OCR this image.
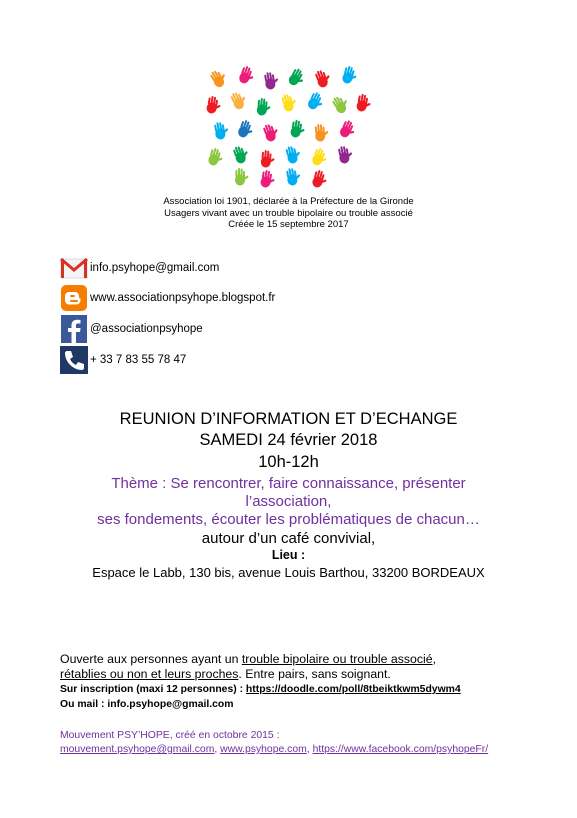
Association loi 1901, déclarée à la Préfecture de la Gironde
Usagers vivant avec un trouble bipolaire ou trouble associé
Créée le 15 septembre 2017
info.psyhope@gmail.com
www.associationpsyhope.blogspot.fr
@associationpsyhope
+ 33 7 83 55 78 47
REUNION D’INFORMATION ET D’ECHANGE
SAMEDI 24 février 2018
10h-12h
Thème : Se rencontrer, faire connaissance, présenter
l’association,
ses fondements, écouter les problématiques de chacun…
autour d’un café convivial,
Lieu :
Espace le Labb, 130 bis, avenue Louis Barthou, 33200 BORDEAUX
Ouverte aux personnes ayant un trouble bipolaire ou trouble associé,
rétablies ou non et leurs proches. Entre pairs, sans soignant.
Sur inscription (maxi 12 personnes) : https://doodle.com/poll/8tbeiktkwm5dywm4
Ou mail : info.psyhope@gmail.com
Mouvement PSY’HOPE, créé en octobre 2015 :
mouvement.psyhope@gmail.com, www.psyhope.com, https://www.facebook.com/psyhopeFr/
